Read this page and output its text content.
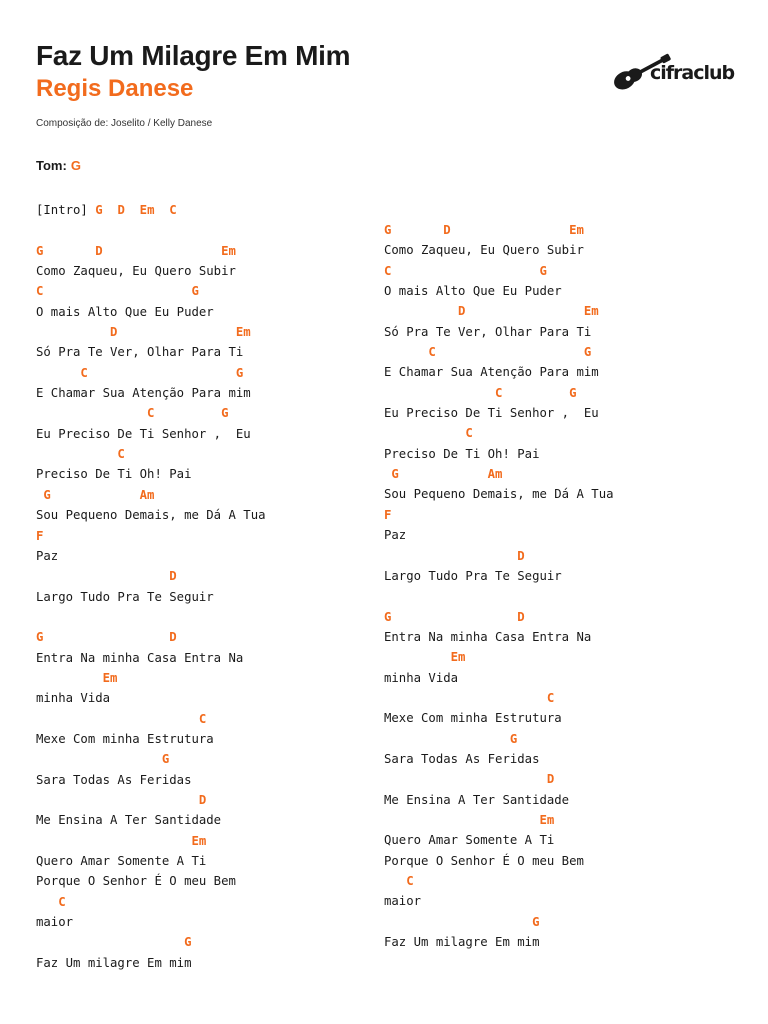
Faz Um Milagre Em Mim
Regis Danese

Composição de: Joselito / Kelly Danese

cifraclub
Tom: G
[Intro] G D Em C
G       D                Em
Como Zaqueu, Eu Quero Subir
C                    G
O mais Alto Que Eu Puder
D                Em
Só Pra Te Ver, Olhar Para Ti
C                    G
E Chamar Sua Atenção Para mim
C         G
Eu Preciso De Ti Senhor ,  Eu
C
Preciso De Ti Oh! Pai
G            Am
Sou Pequeno Demais, me Dá A Tua
F
Paz
D
Largo Tudo Pra Te Seguir
G                 D
Entra Na minha Casa Entra Na
Em
minha Vida
C
Mexe Com minha Estrutura
G
Sara Todas As Feridas
D
Me Ensina A Ter Santidade
Em
Quero Amar Somente A Ti
Porque O Senhor É O meu Bem
C
maior
G
Faz Um milagre Em mim
G       D                Em
Como Zaqueu, Eu Quero Subir
C                    G
O mais Alto Que Eu Puder
D                Em
Só Pra Te Ver, Olhar Para Ti
C                    G
E Chamar Sua Atenção Para mim
C         G
Eu Preciso De Ti Senhor ,  Eu
C
Preciso De Ti Oh! Pai
G            Am
Sou Pequeno Demais, me Dá A Tua
F
Paz
D
Largo Tudo Pra Te Seguir
G                 D
Entra Na minha Casa Entra Na
Em
minha Vida
C
Mexe Com minha Estrutura
G
Sara Todas As Feridas
D
Me Ensina A Ter Santidade
Em
Quero Amar Somente A Ti
Porque O Senhor É O meu Bem
C
maior
G
Faz Um milagre Em mim
